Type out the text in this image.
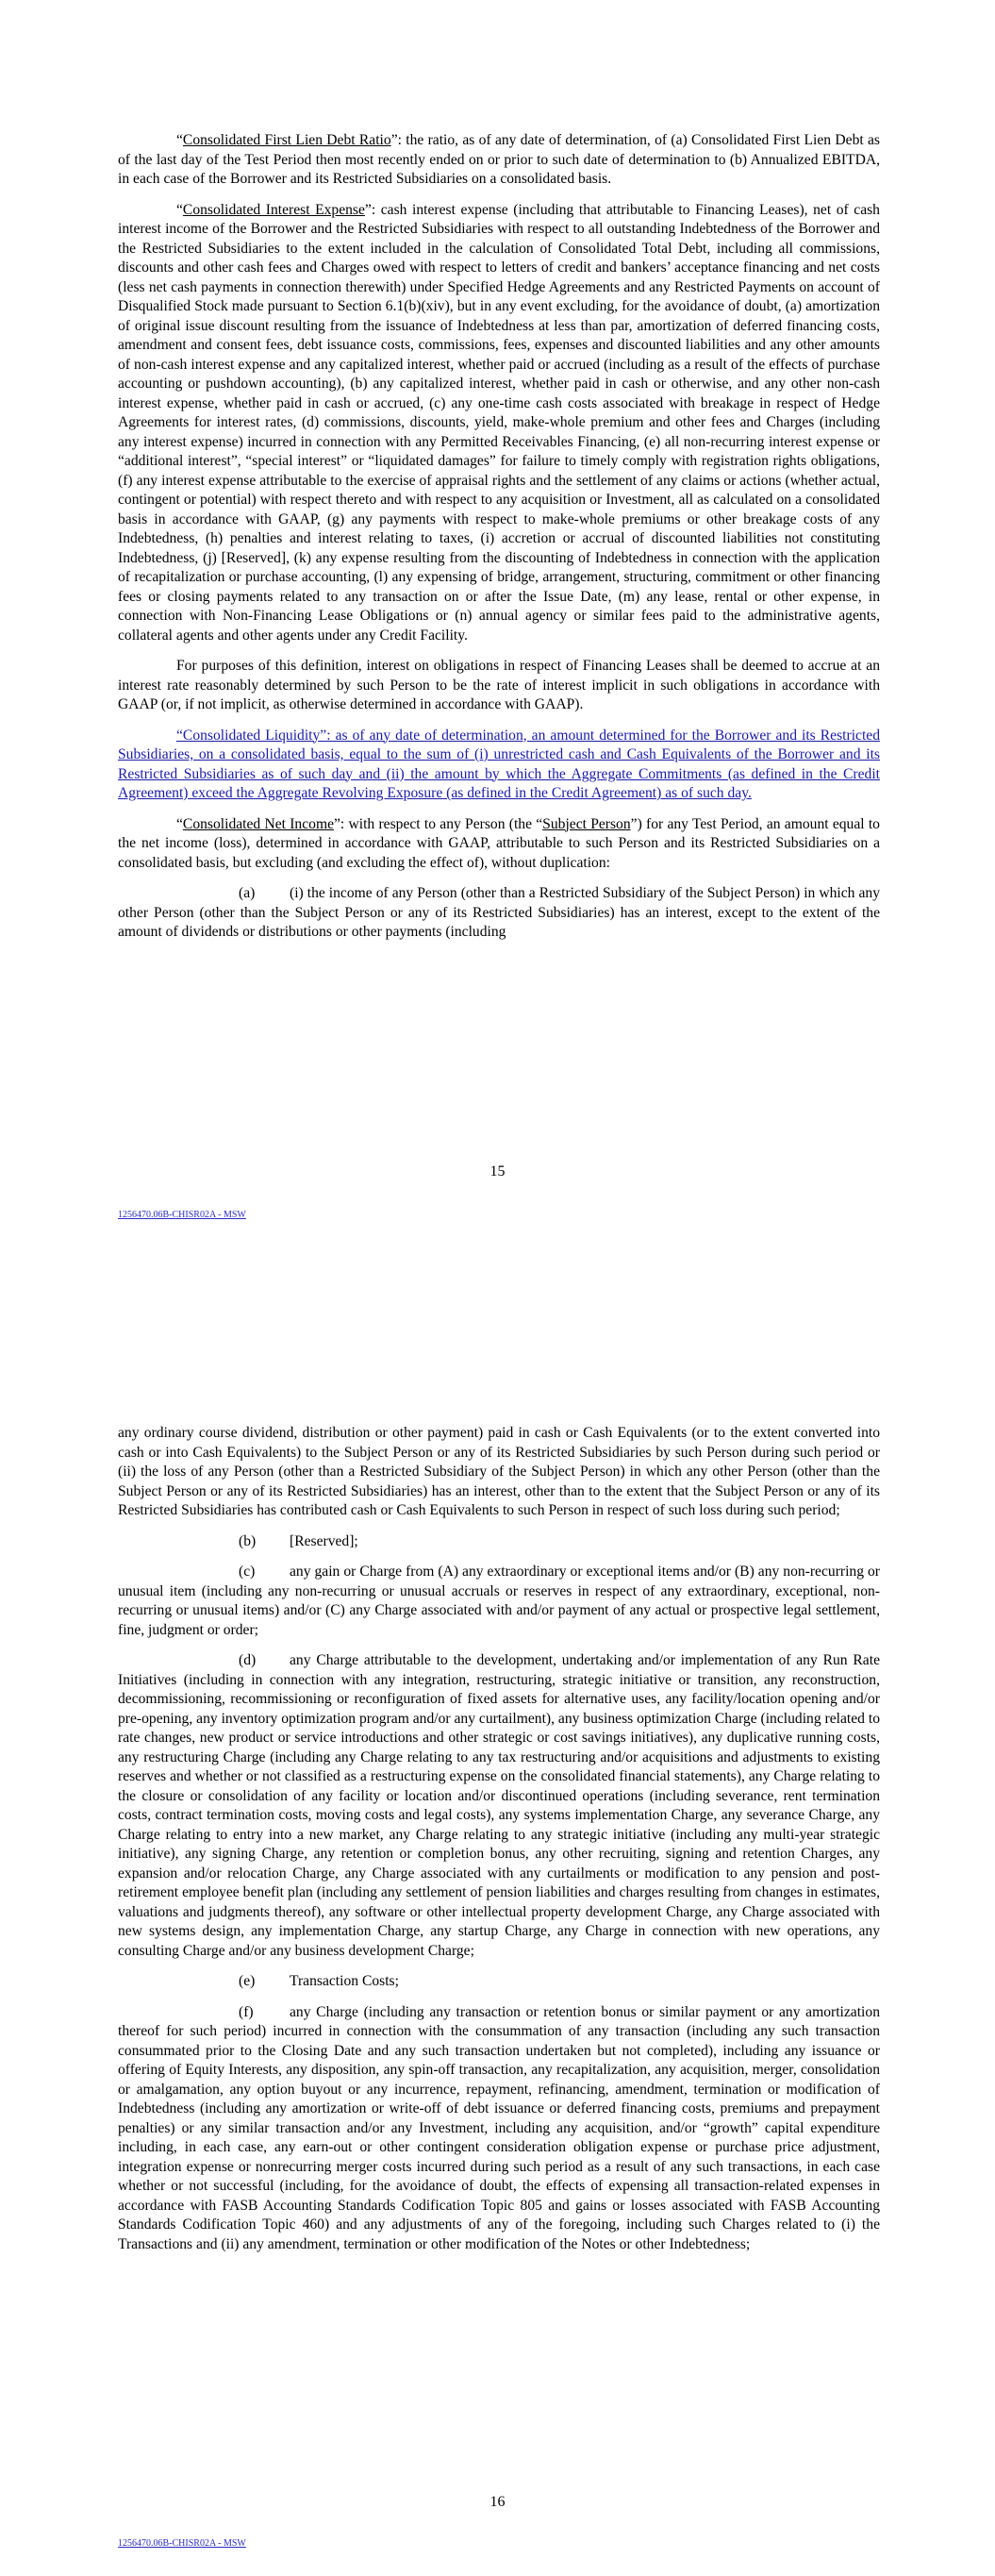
“Consolidated First Lien Debt Ratio”: the ratio, as of any date of determination, of (a) Consolidated First Lien Debt as of the last day of the Test Period then most recently ended on or prior to such date of determination to (b) Annualized EBITDA, in each case of the Borrower and its Restricted Subsidiaries on a consolidated basis.

“Consolidated Interest Expense”: cash interest expense (including that attributable to Financing Leases), net of cash interest income of the Borrower and the Restricted Subsidiaries with respect to all outstanding Indebtedness of the Borrower and the Restricted Subsidiaries to the extent included in the calculation of Consolidated Total Debt, including all commissions, discounts and other cash fees and Charges owed with respect to letters of credit and bankers’ acceptance financing and net costs (less net cash payments in connection therewith) under Specified Hedge Agreements and any Restricted Payments on account of Disqualified Stock made pursuant to Section 6.1(b)(xiv), but in any event excluding, for the avoidance of doubt, (a) amortization of original issue discount resulting from the issuance of Indebtedness at less than par, amortization of deferred financing costs, amendment and consent fees, debt issuance costs, commissions, fees, expenses and discounted liabilities and any other amounts of non-cash interest expense and any capitalized interest, whether paid or accrued (including as a result of the effects of purchase accounting or pushdown accounting), (b) any capitalized interest, whether paid in cash or otherwise, and any other non-cash interest expense, whether paid in cash or accrued, (c) any one-time cash costs associated with breakage in respect of Hedge Agreements for interest rates, (d) commissions, discounts, yield, make-whole premium and other fees and Charges (including any interest expense) incurred in connection with any Permitted Receivables Financing, (e) all non-recurring interest expense or “additional interest”, “special interest” or “liquidated damages” for failure to timely comply with registration rights obligations, (f) any interest expense attributable to the exercise of appraisal rights and the settlement of any claims or actions (whether actual, contingent or potential) with respect thereto and with respect to any acquisition or Investment, all as calculated on a consolidated basis in accordance with GAAP, (g) any payments with respect to make-whole premiums or other breakage costs of any Indebtedness, (h) penalties and interest relating to taxes, (i) accretion or accrual of discounted liabilities not constituting Indebtedness, (j) [Reserved], (k) any expense resulting from the discounting of Indebtedness in connection with the application of recapitalization or purchase accounting, (l) any expensing of bridge, arrangement, structuring, commitment or other financing fees or closing payments related to any transaction on or after the Issue Date, (m) any lease, rental or other expense, in connection with Non-Financing Lease Obligations or (n) annual agency or similar fees paid to the administrative agents, collateral agents and other agents under any Credit Facility.

For purposes of this definition, interest on obligations in respect of Financing Leases shall be deemed to accrue at an interest rate reasonably determined by such Person to be the rate of interest implicit in such obligations in accordance with GAAP (or, if not implicit, as otherwise determined in accordance with GAAP).

“Consolidated Liquidity”: as of any date of determination, an amount determined for the Borrower and its Restricted Subsidiaries, on a consolidated basis, equal to the sum of (i) unrestricted cash and Cash Equivalents of the Borrower and its Restricted Subsidiaries as of such day and (ii) the amount by which the Aggregate Commitments (as defined in the Credit Agreement) exceed the Aggregate Revolving Exposure (as defined in the Credit Agreement) as of such day.

“Consolidated Net Income”: with respect to any Person (the “Subject Person”) for any Test Period, an amount equal to the net income (loss), determined in accordance with GAAP, attributable to such Person and its Restricted Subsidiaries on a consolidated basis, but excluding (and excluding the effect of), without duplication:

(a) (i) the income of any Person (other than a Restricted Subsidiary of the Subject Person) in which any other Person (other than the Subject Person or any of its Restricted Subsidiaries) has an interest, except to the extent of the amount of dividends or distributions or other payments (including

15
1256470.06B-CHISR02A - MSW

any ordinary course dividend, distribution or other payment) paid in cash or Cash Equivalents (or to the extent converted into cash or into Cash Equivalents) to the Subject Person or any of its Restricted Subsidiaries by such Person during such period or (ii) the loss of any Person (other than a Restricted Subsidiary of the Subject Person) in which any other Person (other than the Subject Person or any of its Restricted Subsidiaries) has an interest, other than to the extent that the Subject Person or any of its Restricted Subsidiaries has contributed cash or Cash Equivalents to such Person in respect of such loss during such period;

(b) [Reserved];

(c) any gain or Charge from (A) any extraordinary or exceptional items and/or (B) any non-recurring or unusual item (including any non-recurring or unusual accruals or reserves in respect of any extraordinary, exceptional, non-recurring or unusual items) and/or (C) any Charge associated with and/or payment of any actual or prospective legal settlement, fine, judgment or order;

(d) any Charge attributable to the development, undertaking and/or implementation of any Run Rate Initiatives (including in connection with any integration, restructuring, strategic initiative or transition, any reconstruction, decommissioning, recommissioning or reconfiguration of fixed assets for alternative uses, any facility/location opening and/or pre-opening, any inventory optimization program and/or any curtailment), any business optimization Charge (including related to rate changes, new product or service introductions and other strategic or cost savings initiatives), any duplicative running costs, any restructuring Charge (including any Charge relating to any tax restructuring and/or acquisitions and adjustments to existing reserves and whether or not classified as a restructuring expense on the consolidated financial statements), any Charge relating to the closure or consolidation of any facility or location and/or discontinued operations (including severance, rent termination costs, contract termination costs, moving costs and legal costs), any systems implementation Charge, any severance Charge, any Charge relating to entry into a new market, any Charge relating to any strategic initiative (including any multi-year strategic initiative), any signing Charge, any retention or completion bonus, any other recruiting, signing and retention Charges, any expansion and/or relocation Charge, any Charge associated with any curtailments or modification to any pension and post-retirement employee benefit plan (including any settlement of pension liabilities and charges resulting from changes in estimates, valuations and judgments thereof), any software or other intellectual property development Charge, any Charge associated with new systems design, any implementation Charge, any startup Charge, any Charge in connection with new operations, any consulting Charge and/or any business development Charge;

(e) Transaction Costs;

(f) any Charge (including any transaction or retention bonus or similar payment or any amortization thereof for such period) incurred in connection with the consummation of any transaction (including any such transaction consummated prior to the Closing Date and any such transaction undertaken but not completed), including any issuance or offering of Equity Interests, any disposition, any spin-off transaction, any recapitalization, any acquisition, merger, consolidation or amalgamation, any option buyout or any incurrence, repayment, refinancing, amendment, termination or modification of Indebtedness (including any amortization or write-off of debt issuance or deferred financing costs, premiums and prepayment penalties) or any similar transaction and/or any Investment, including any acquisition, and/or “growth” capital expenditure including, in each case, any earn-out or other contingent consideration obligation expense or purchase price adjustment, integration expense or nonrecurring merger costs incurred during such period as a result of any such transactions, in each case whether or not successful (including, for the avoidance of doubt, the effects of expensing all transaction-related expenses in accordance with FASB Accounting Standards Codification Topic 805 and gains or losses associated with FASB Accounting Standards Codification Topic 460) and any adjustments of any of the foregoing, including such Charges related to (i) the Transactions and (ii) any amendment, termination or other modification of the Notes or other Indebtedness;

16
1256470.06B-CHISR02A - MSW
